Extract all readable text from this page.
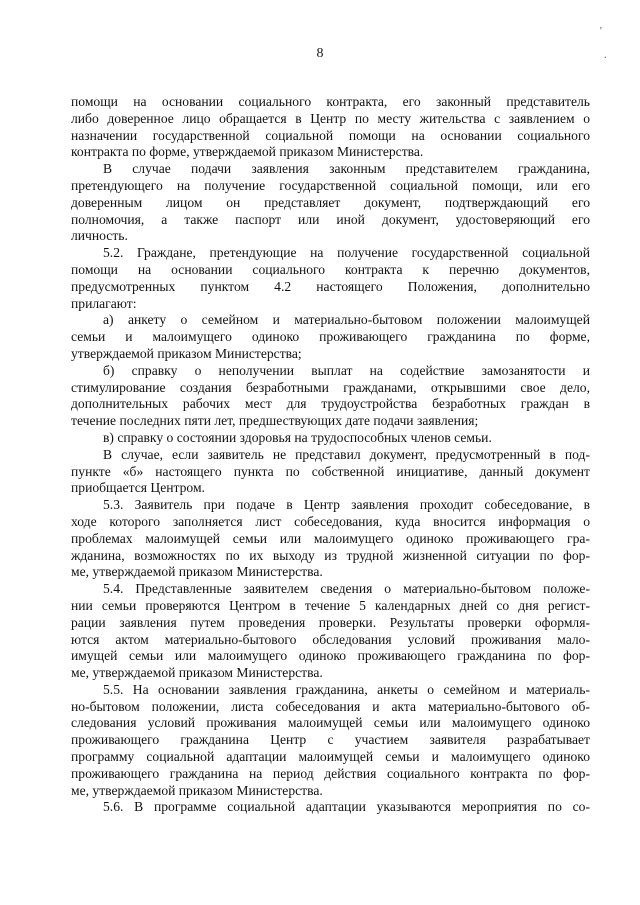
'
.
8
помощи на основании социального контракта, его законный представитель
либо доверенное лицо обращается в Центр по месту жительства с заявлением о
назначении государственной социальной помощи на основании социального
контракта по форме, утверждаемой приказом Министерства.
В случае подачи заявления законным представителем гражданина,
претендующего на получение государственной социальной помощи, или его
доверенным лицом он представляет документ, подтверждающий его
полномочия, а также паспорт или иной документ, удостоверяющий его
личность.
5.2. Граждане, претендующие на получение государственной социальной
помощи на основании социального контракта к перечню документов,
предусмотренных пунктом 4.2 настоящего Положения, дополнительно
прилагают:
а) анкету о семейном и материально-бытовом положении малоимущей
семьи и малоимущего одиноко проживающего гражданина по форме,
утверждаемой приказом Министерства;
б) справку о неполучении выплат на содействие замозанятости и
стимулирование создания безработными гражданами, открывшими свое дело,
дополнительных рабочих мест для трудоустройства безработных граждан в
течение последних пяти лет, предшествующих дате подачи заявления;
в) справку о состоянии здоровья на трудоспособных членов семьи.
В случае, если заявитель не представил документ, предусмотренный в под-
пункте «б» настоящего пункта по собственной инициативе, данный документ
приобщается Центром.
5.3. Заявитель при подаче в Центр заявления проходит собеседование, в
ходе которого заполняется лист собеседования, куда вносится информация о
проблемах малоимущей семьи или малоимущего одиноко проживающего гра-
жданина, возможностях по их выходу из трудной жизненной ситуации по фор-
ме, утверждаемой приказом Министерства.
5.4. Представленные заявителем сведения о материально-бытовом положе-
нии семьи проверяются Центром в течение 5 календарных дней со дня регист-
рации заявления путем проведения проверки. Результаты проверки оформля-
ются актом материально-бытового обследования условий проживания мало-
имущей семьи или малоимущего одиноко проживающего гражданина по фор-
ме, утверждаемой приказом Министерства.
5.5. На основании заявления гражданина, анкеты о семейном и материаль-
но-бытовом положении, листа собеседования и акта материально-бытового об-
следования условий проживания малоимущей семьи или малоимущего одиноко
проживающего гражданина Центр с участием заявителя разрабатывает
программу социальной адаптации малоимущей семьи и малоимущего одиноко
проживающего гражданина на период действия социального контракта по фор-
ме, утверждаемой приказом Министерства.
5.6. В программе социальной адаптации указываются мероприятия по со-
